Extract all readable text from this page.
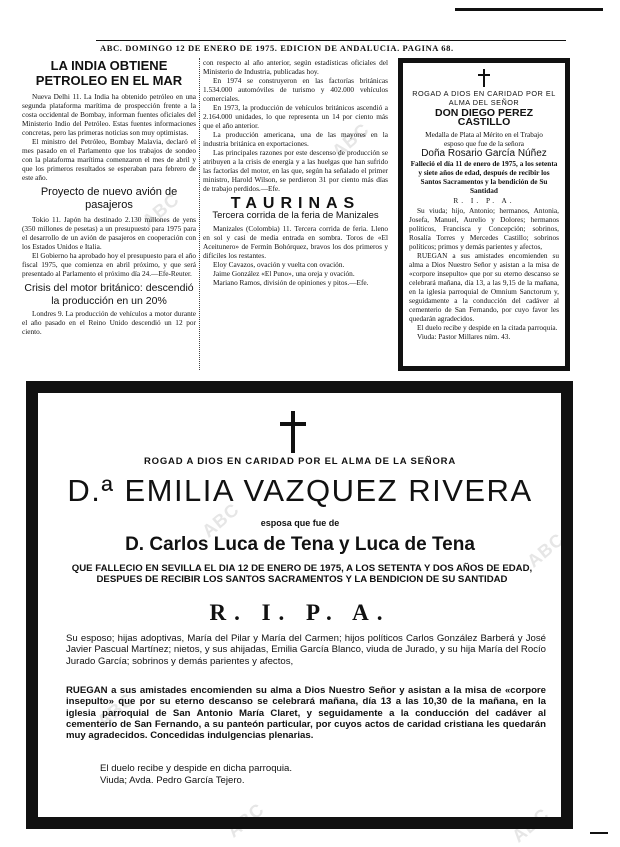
ABC. DOMINGO 12 DE ENERO DE 1975. EDICION DE ANDALUCIA. PAGINA 68.
ABC
ABC
ABC
ABC
ABC
ABC	ABC
LA INDIA OBTIENE PETROLEO EN EL MAR

Nueva Delhi 11. La India ha obtenido petróleo en una segunda plataforma marítima de prospección frente a la costa occidental de Bombay, informan fuentes oficiales del Ministerio Indio del Petróleo. Estas fuentes informaciones concretas, pero las primeras noticias son muy optimistas.

El ministro del Petróleo, Bombay Malavia, declaró el mes pasado en el Parlamento que los trabajos de sondeo con la plataforma marítima comenzaron el mes de abril y que los primeros resultados se esperaban para febrero de este año.

Proyecto de nuevo avión de pasajeros

Tokio 11. Japón ha destinado 2.130 millones de yens (350 millones de pesetas) a un presupuesto para 1975 para el desarrollo de un avión de pasajeros en cooperación con los Estados Unidos e Italia.

El Gobierno ha aprobado hoy el presupuesto para el año fiscal 1975, que comienza en abril próximo, y que será presentado al Parlamento el próximo día 24.—Efe-Reuter.

Crisis del motor británico: descendió la producción en un 20%

Londres 9. La producción de vehículos a motor durante el año pasado en el Reino Unido descendió un 12 por ciento.

con respecto al año anterior, según estadísticas oficiales del Ministerio de Industria, publicadas hoy.

En 1974 se construyeron en las factorías británicas 1.534.000 automóviles de turismo y 402.000 vehículos comerciales.

En 1973, la producción de vehículos británicos ascendió a 2.164.000 unidades, lo que representa un 14 por ciento más que el año anterior.

La producción americana, una de las mayores en la industria británica en exportaciones.

Las principales razones por este descenso de producción se atribuyen a la crisis de energía y a las huelgas que han sufrido las factorías del motor, en las que, según ha señalado el primer ministro, Harold Wilson, se perdieron 31 por ciento más días de trabajo perdidos.—Efe.

TAURINAS
Tercera corrida de la feria de Manizales

Manizales (Colombia) 11. Tercera corrida de feria. Lleno en sol y casi de media entrada en sombra. Toros de «El Aceitunero» de Fermín Bohórquez, bravos los dos primeros y difíciles los restantes.

Eloy Cavazos, ovación y vuelta con ovación.

Jaime González «El Puno», una oreja y ovación.

Mariano Ramos, división de opiniones y pitos.—Efe.

ROGAD A DIOS EN CARIDAD POR EL ALMA DEL SEÑOR
DON DIEGO PEREZ CASTILLO
Medalla de Plata al Mérito en el Trabajo
esposo que fue de la señora
Doña Rosario García Núñez
Falleció el día 11 de enero de 1975, a los setenta y siete años de edad, después de recibir los Santos Sacramentos y la bendición de Su Santidad
R. I. P. A.

Su viuda; hijo, Antonio; hermanos, Antonia, Josefa, Manuel, Aurelio y Dolores; hermanos políticos, Francisca y Concepción; sobrinos, Rosalía Torres y Mercedes Castillo; sobrinos políticos; primos y demás parientes y afectos,

RUEGAN a sus amistades encomienden su alma a Dios Nuestro Señor y asistan a la misa de «corpore insepulto» que por su eterno descanso se celebrará mañana, día 13, a las 9,15 de la mañana, en la iglesia parroquial de Omnium Sanctorum y, seguidamente a la conducción del cadáver al cementerio de San Fernando, por cuyo favor les quedarán agradecidos.

El duelo recibe y despide en la citada parroquia.

Viuda: Pastor Millares núm. 43.

ROGAD A DIOS EN CARIDAD POR EL ALMA DE LA SEÑORA
D.ª EMILIA VAZQUEZ RIVERA
esposa que fue de
D. Carlos Luca de Tena y Luca de Tena
QUE FALLECIO EN SEVILLA EL DIA 12 DE ENERO DE 1975, A LOS SETENTA Y DOS AÑOS DE EDAD, DESPUES DE RECIBIR LOS SANTOS SACRAMENTOS Y LA BENDICION DE SU SANTIDAD
R. I. P. A.
Su esposo; hijas adoptivas, María del Pilar y María del Carmen; hijos políticos Carlos González Barberá y José Javier Pascual Martínez; nietos, y sus ahijadas, Emilia García Blanco, viuda de Jurado, y su hija María del Rocío Jurado García; sobrinos y demás parientes y afectos,
RUEGAN a sus amistades encomienden su alma a Dios Nuestro Señor y asistan a la misa de «corpore insepulto» que por su eterno descanso se celebrará mañana, día 13 a las 10,30 de la mañana, en la iglesia parroquial de San Antonio María Claret, y seguidamente a la conducción del cadáver al cementerio de San Fernando, a su panteón particular, por cuyos actos de caridad cristiana les quedarán muy agradecidos. Concedidas indulgencias plenarias.
El duelo recibe y despide en dicha parroquia.
Viuda; Avda. Pedro García Tejero.
